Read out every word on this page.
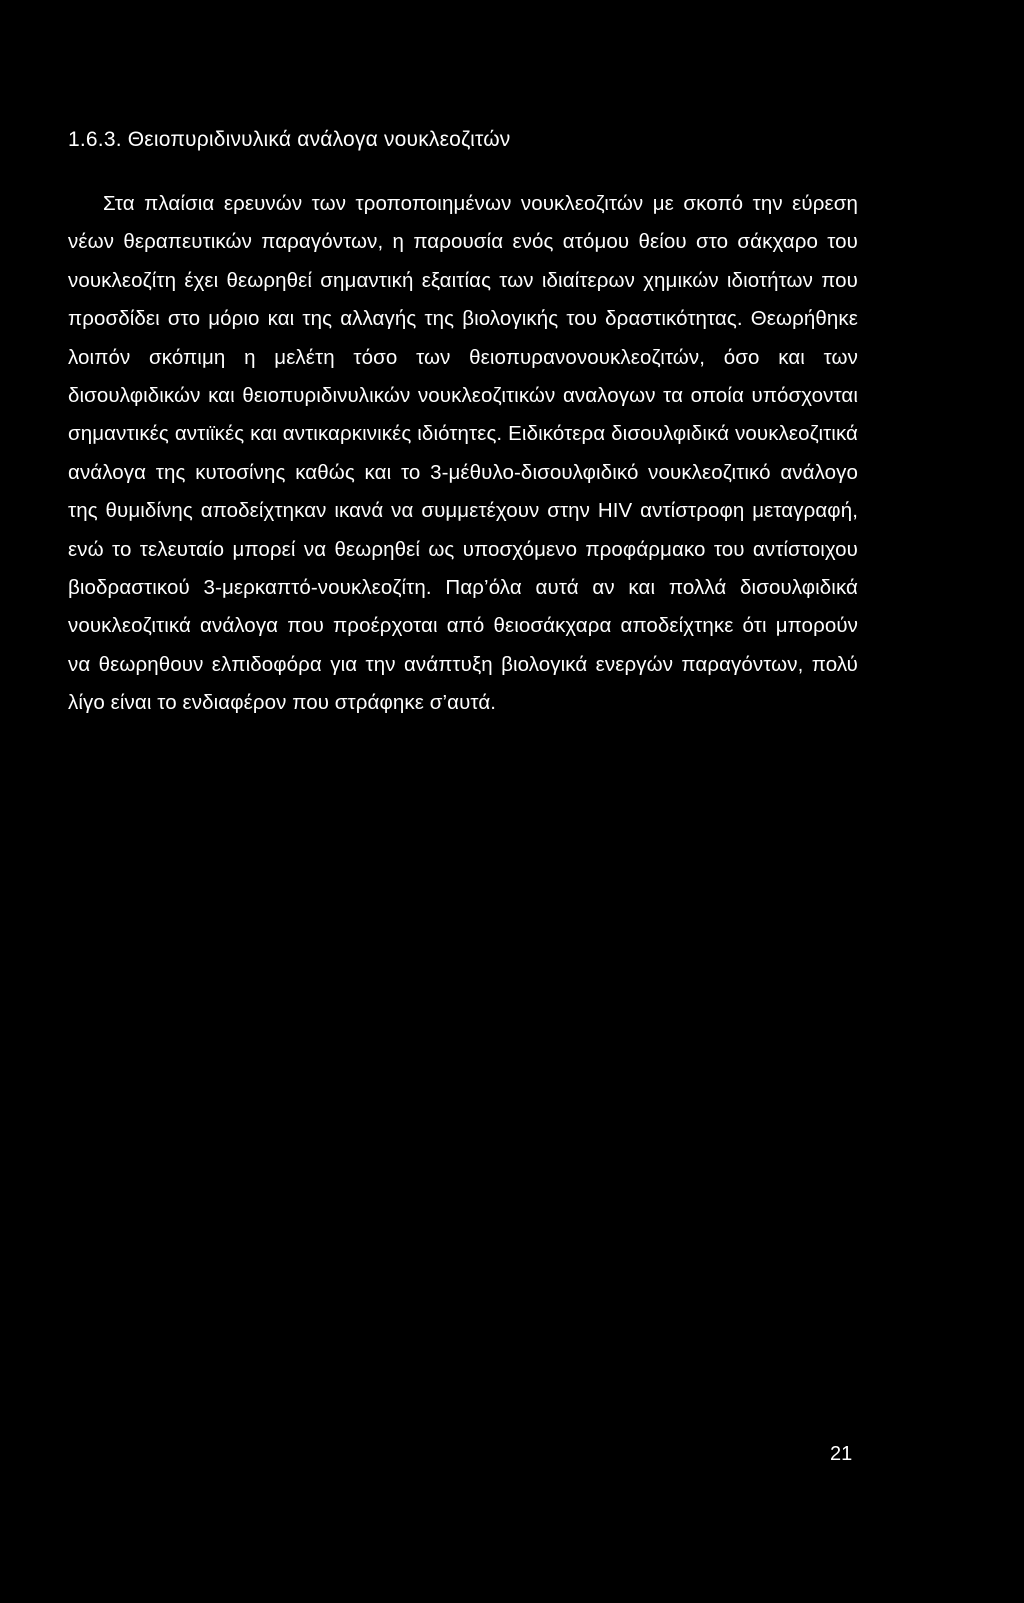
1.6.3. Θειοπυριδινυλικά ανάλογα νουκλεοζιτών

Στα πλαίσια ερευνών των τροποποιημένων νουκλεοζιτών με σκοπό την εύρεση νέων θεραπευτικών παραγόντων, η παρουσία ενός ατόμου θείου στο σάκχαρο του νουκλεοζίτη έχει θεωρηθεί σημαντική εξαιτίας των ιδιαίτερων χημικών ιδιοτήτων που προσδίδει στο μόριο και της αλλαγής της βιολογικής του δραστικότητας. Θεωρήθηκε λοιπόν σκόπιμη η μελέτη τόσο των θειοπυρανονουκλεοζιτών, όσο και των δισουλφιδικών και θειοπυριδινυλικών νουκλεοζιτικών αναλογων τα οποία υπόσχονται σημαντικές αντιϊκές και αντικαρκινικές ιδιότητες. Ειδικότερα δισουλφιδικά νουκλεοζιτικά ανάλογα της κυτοσίνης καθώς και το 3-μέθυλο-δισουλφιδικό νουκλεοζιτικό ανάλογο της θυμιδίνης αποδείχτηκαν ικανά να συμμετέχουν στην HIV αντίστροφη μεταγραφή, ενώ το τελευταίο μπορεί να θεωρηθεί ως υποσχόμενο προφάρμακο του αντίστοιχου βιοδραστικού 3-μερκαπτό-νουκλεοζίτη. Παρ’όλα αυτά αν και πολλά δισουλφιδικά νουκλεοζιτικά ανάλογα που προέρχοται από θειοσάκχαρα αποδείχτηκε ότι μπορούν να θεωρηθουν ελπιδοφόρα για την ανάπτυξη βιολογικά ενεργών παραγόντων, πολύ λίγο είναι το ενδιαφέρον που στράφηκε σ’αυτά.

21
